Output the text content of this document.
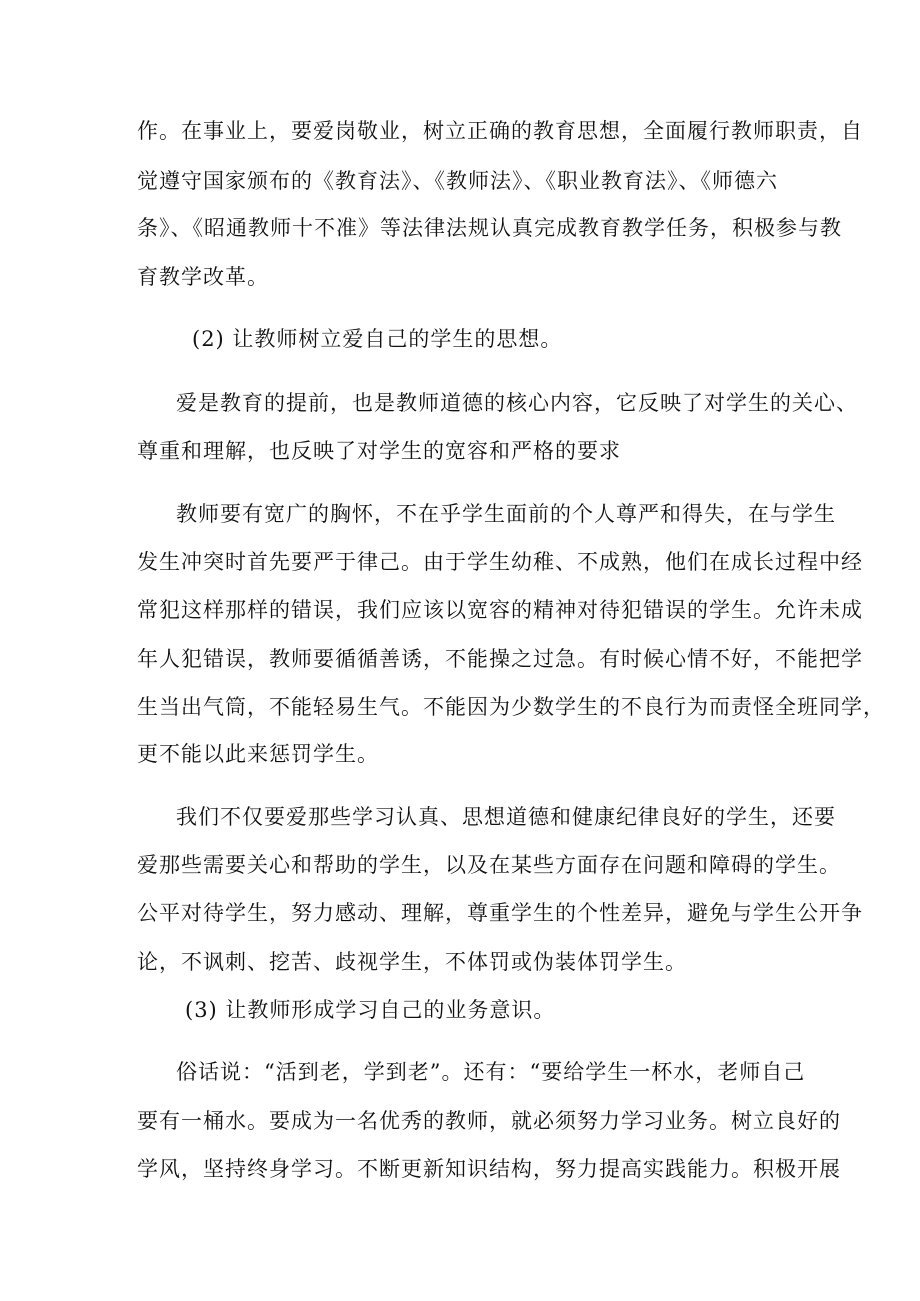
作。在事业上，要爱岗敬业，树立正确的教育思想，全面履行教师职责，自
觉遵守国家颁布的《教育法》、《教师法》、《职业教育法》、《师德六
条》、《昭通教师十不准》等法律法规认真完成教育教学任务，积极参与教
育教学改革。
(2) 让教师树立爱自己的学生的思想。
爱是教育的提前，也是教师道德的核心内容，它反映了对学生的关心、
尊重和理解，也反映了对学生的宽容和严格的要求
教师要有宽广的胸怀，不在乎学生面前的个人尊严和得失，在与学生
发生冲突时首先要严于律己。由于学生幼稚、不成熟，他们在成长过程中经
常犯这样那样的错误，我们应该以宽容的精神对待犯错误的学生。允许未成
年人犯错误，教师要循循善诱，不能操之过急。有时候心情不好，不能把学
生当出气筒，不能轻易生气。不能因为少数学生的不良行为而责怪全班同学，
更不能以此来惩罚学生。
我们不仅要爱那些学习认真、思想道德和健康纪律良好的学生，还要
爱那些需要关心和帮助的学生，以及在某些方面存在问题和障碍的学生。
公平对待学生，努力感动、理解，尊重学生的个性差异，避免与学生公开争
论，不讽刺、挖苦、歧视学生，不体罚或伪装体罚学生。
(3) 让教师形成学习自己的业务意识。
俗话说：“活到老，学到老”。还有：“要给学生一杯水，老师自己
要有一桶水。要成为一名优秀的教师，就必须努力学习业务。树立良好的
学风，坚持终身学习。不断更新知识结构，努力提高实践能力。积极开展
